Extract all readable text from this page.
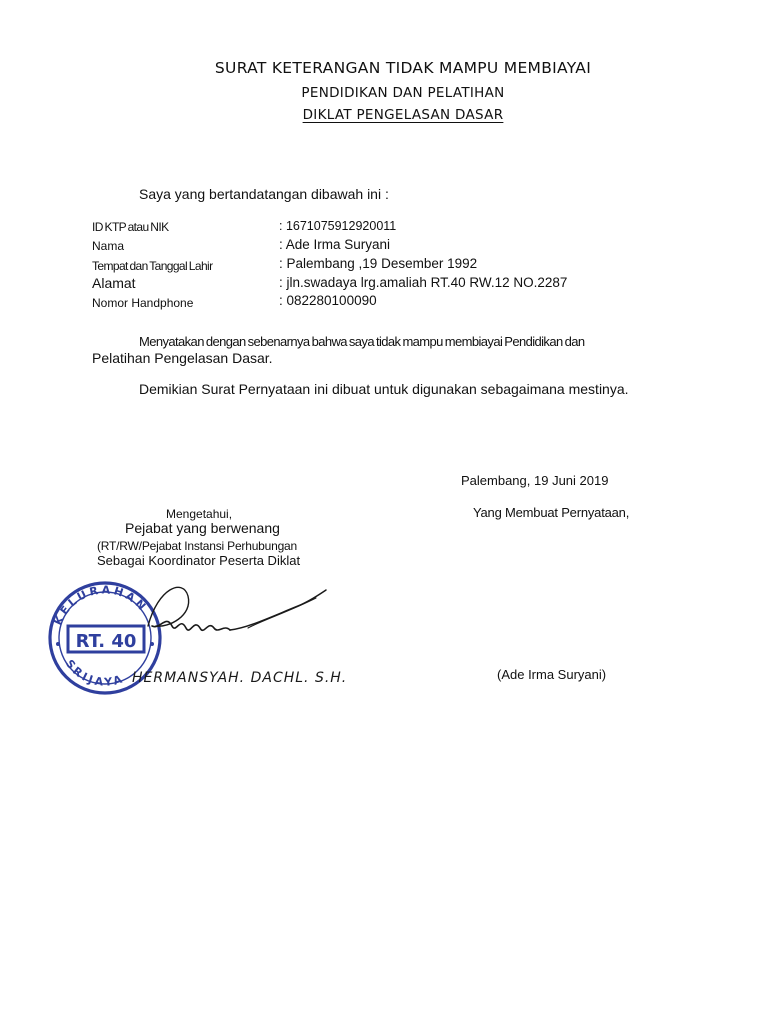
SURAT KETERANGAN TIDAK MAMPU MEMBIAYAI
PENDIDIKAN DAN PELATIHAN
DIKLAT PENGELASAN DASAR
Saya yang bertandatangan dibawah ini :
ID KTP atau NIK	: 1671075912920011
Nama	: Ade Irma Suryani
Tempat dan Tanggal Lahir	: Palembang ,19 Desember 1992
Alamat	: jln.swadaya lrg.amaliah RT.40 RW.12 NO.2287
Nomor Handphone	: 082280100090
Menyatakan dengan sebenarnya bahwa saya tidak mampu membiayai Pendidikan dan
Pelatihan Pengelasan Dasar.
Demikian Surat Pernyataan ini dibuat untuk digunakan sebagaimana mestinya.
Palembang, 19 Juni 2019
Mengetahui,
Pejabat yang berwenang
(RT/RW/Pejabat Instansi Perhubungan
Sebagai Koordinator Peserta Diklat
Yang Membuat Pernyataan,
(Ade Irma Suryani)
RT. 40
KELURAHAN
SRIJAYA HERMANSYAH. DACHL. S.H.
